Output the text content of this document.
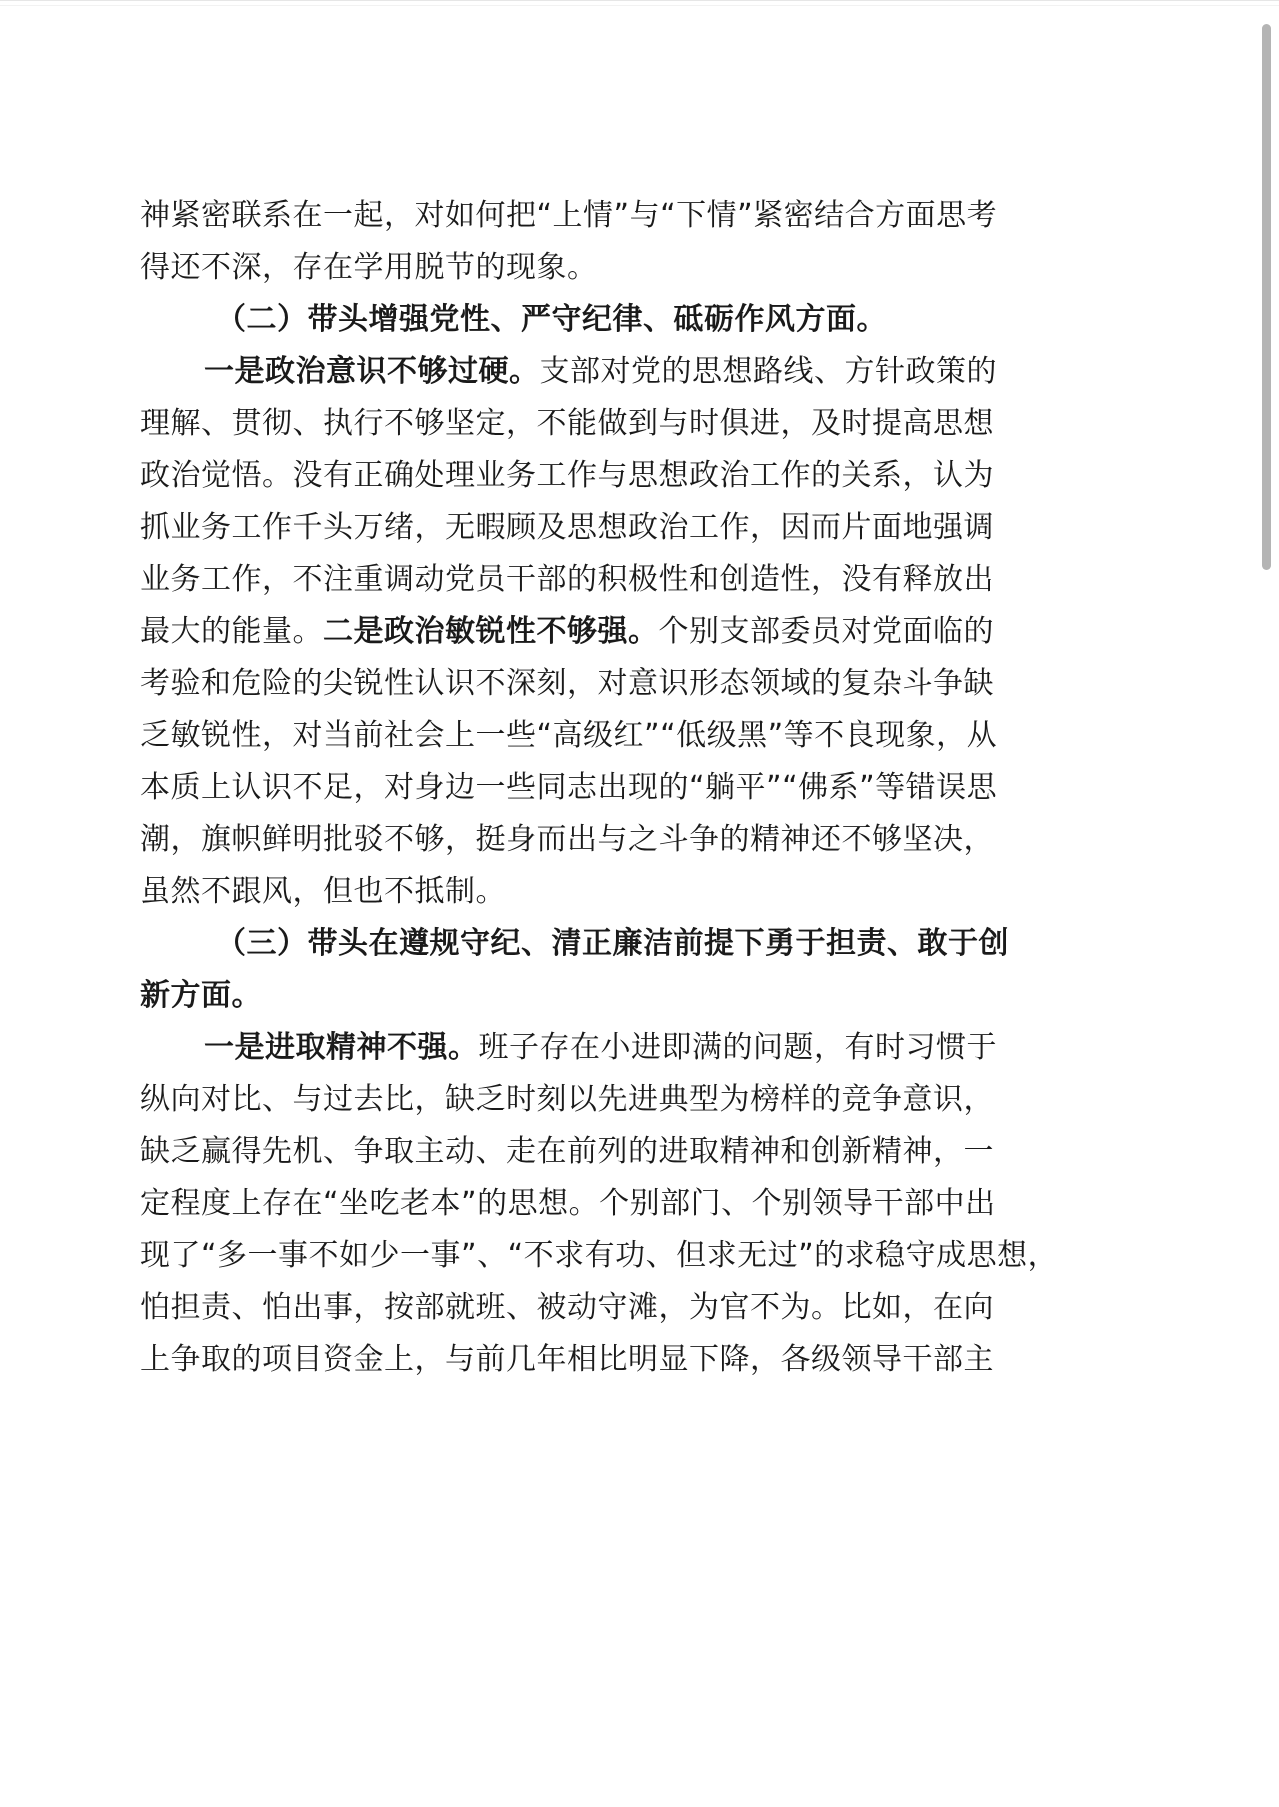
神紧密联系在一起，对如何把“上情”与“下情”紧密结合方面思考
得还不深，存在学用脱节的现象。
（二）带头增强党性、严守纪律、砥砺作风方面。
一是政治意识不够过硬。支部对党的思想路线、方针政策的
理解、贯彻、执行不够坚定，不能做到与时俱进，及时提高思想
政治觉悟。没有正确处理业务工作与思想政治工作的关系，认为
抓业务工作千头万绪，无暇顾及思想政治工作，因而片面地强调
业务工作，不注重调动党员干部的积极性和创造性，没有释放出
最大的能量。二是政治敏锐性不够强。个别支部委员对党面临的
考验和危险的尖锐性认识不深刻，对意识形态领域的复杂斗争缺
乏敏锐性，对当前社会上一些“高级红”“低级黑”等不良现象，从
本质上认识不足，对身边一些同志出现的“躺平”“佛系”等错误思
潮，旗帜鲜明批驳不够，挺身而出与之斗争的精神还不够坚决，
虽然不跟风，但也不抵制。
（三）带头在遵规守纪、清正廉洁前提下勇于担责、敢于创
新方面。
一是进取精神不强。班子存在小进即满的问题，有时习惯于
纵向对比、与过去比，缺乏时刻以先进典型为榜样的竞争意识，
缺乏赢得先机、争取主动、走在前列的进取精神和创新精神，一
定程度上存在“坐吃老本”的思想。个别部门、个别领导干部中出
现了“多一事不如少一事”、“不求有功、但求无过”的求稳守成思想，
怕担责、怕出事，按部就班、被动守滩，为官不为。比如，在向
上争取的项目资金上，与前几年相比明显下降，各级领导干部主
